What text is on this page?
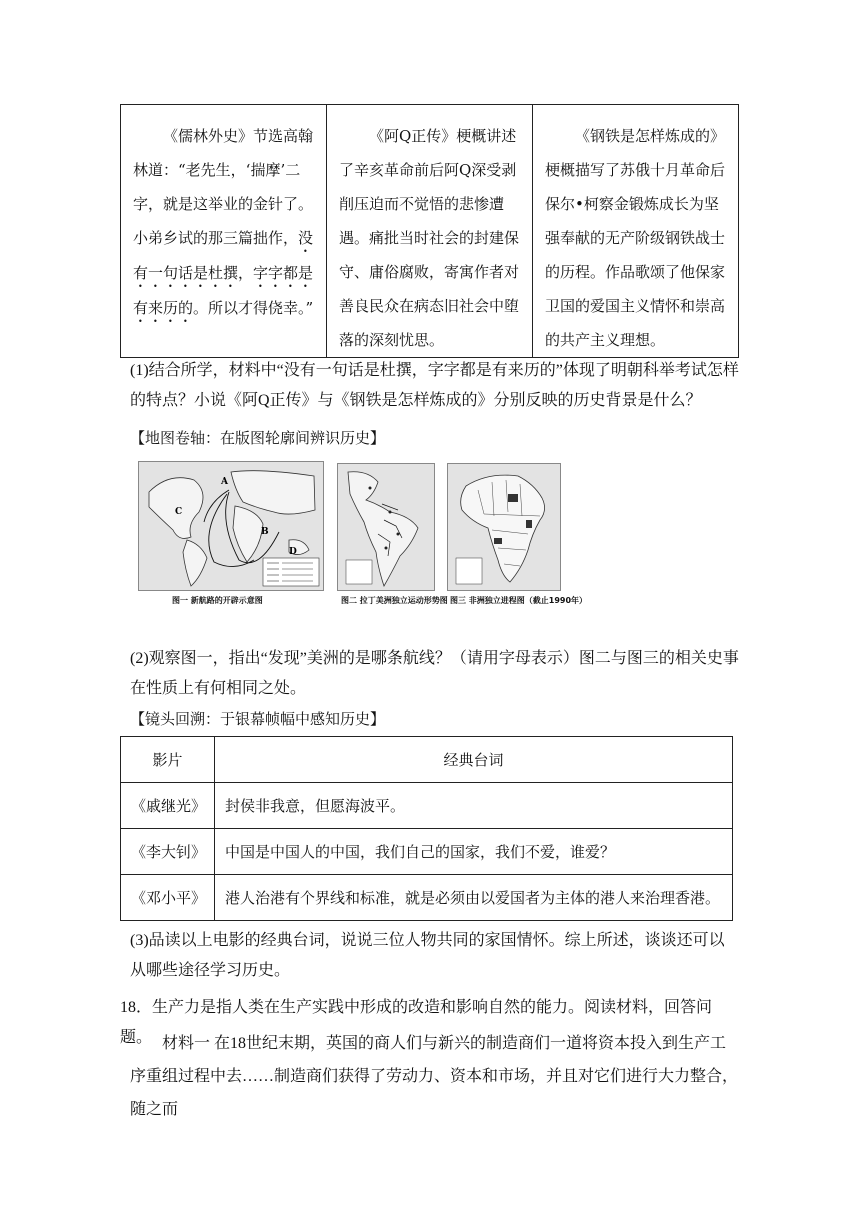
《儒林外史》节选高翰林道：“老先生，‘揣摩’二字，就是这举业的金针了。小弟乡试的那三篇拙作，没有一句话是杜撰，字字都是有来历的。所以才得侥幸。”

《阿Q正传》梗概讲述了辛亥革命前后阿Q深受剥削压迫而不觉悟的悲惨遭遇。痛批当时社会的封建保守、庸俗腐败，寄寓作者对善良民众在病态旧社会中堕落的深刻忧思。

《钢铁是怎样炼成的》梗概描写了苏俄十月革命后保尔•柯察金锻炼成长为坚强奉献的无产阶级钢铁战士的历程。作品歌颂了他保家卫国的爱国主义情怀和崇高的共产主义理想。
(1)结合所学，材料中“没有一句话是杜撰，字字都是有来历的”体现了明朝科举考试怎样的特点？小说《阿Q正传》与《钢铁是怎样炼成的》分别反映的历史背景是什么？
【地图卷轴：在版图轮廓间辨识历史】
A
B
C
D
图一 新航路的开辟示意图	图二 拉丁美洲独立运动形势图 图三 非洲独立进程图（截止1990年）
(2)观察图一，指出“发现”美洲的是哪条航线？（请用字母表示）图二与图三的相关史事在性质上有何相同之处。
【镜头回溯：于银幕帧幅中感知历史】
影片	经典台词
《戚继光》	封侯非我意，但愿海波平。
《李大钊》	中国是中国人的中国，我们自己的国家，我们不爱，谁爱？
《邓小平》	港人治港有个界线和标准，就是必须由以爱国者为主体的港人来治理香港。
(3)品读以上电影的经典台词，说说三位人物共同的家国情怀。综上所述，谈谈还可以从哪些途径学习历史。
18．生产力是指人类在生产实践中形成的改造和影响自然的能力。阅读材料，回答问题。 材料一 在18世纪末期，英国的商人们与新兴的制造商们一道将资本投入到生产工序重组过程中去……制造商们获得了劳动力、资本和市场，并且对它们进行大力整合，随之而
